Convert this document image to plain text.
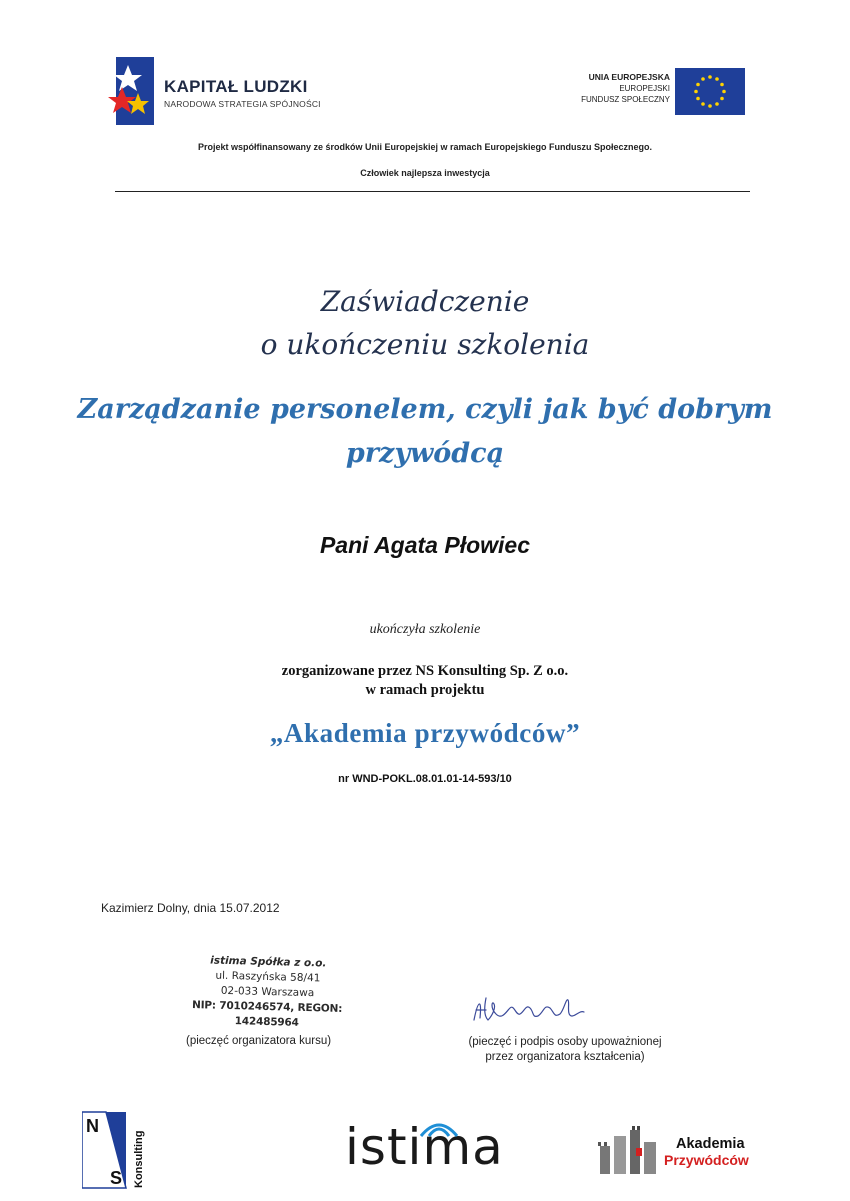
KAPITAŁ LUDZKI
NARODOWA STRATEGIA SPÓJNOŚCI
UNIA EUROPEJSKA
EUROPEJSKI
FUNDUSZ SPOŁECZNY
Projekt współfinansowany ze środków Unii Europejskiej w ramach Europejskiego Funduszu Społecznego.
Człowiek najlepsza inwestycja
Zaświadczenie
o ukończeniu szkolenia
Zarządzanie personelem, czyli jak być dobrym
przywódcą
Pani Agata Płowiec
ukończyła szkolenie
zorganizowane przez NS Konsulting Sp. Z o.o.
w ramach projektu
„Akademia przywódców”
nr WND-POKL.08.01.01-14-593/10
Kazimierz Dolny, dnia 15.07.2012
istima Spółka z o.o.
ul. Raszyńska 58/41
02-033 Warszawa
NIP: 7010246574, REGON: 142485964
(pieczęć organizatora kursu)	(pieczęć i podpis osoby upoważnionej
przez organizatora kształcenia)
N
S Konsulting	istima	Akademia
Przywódców
